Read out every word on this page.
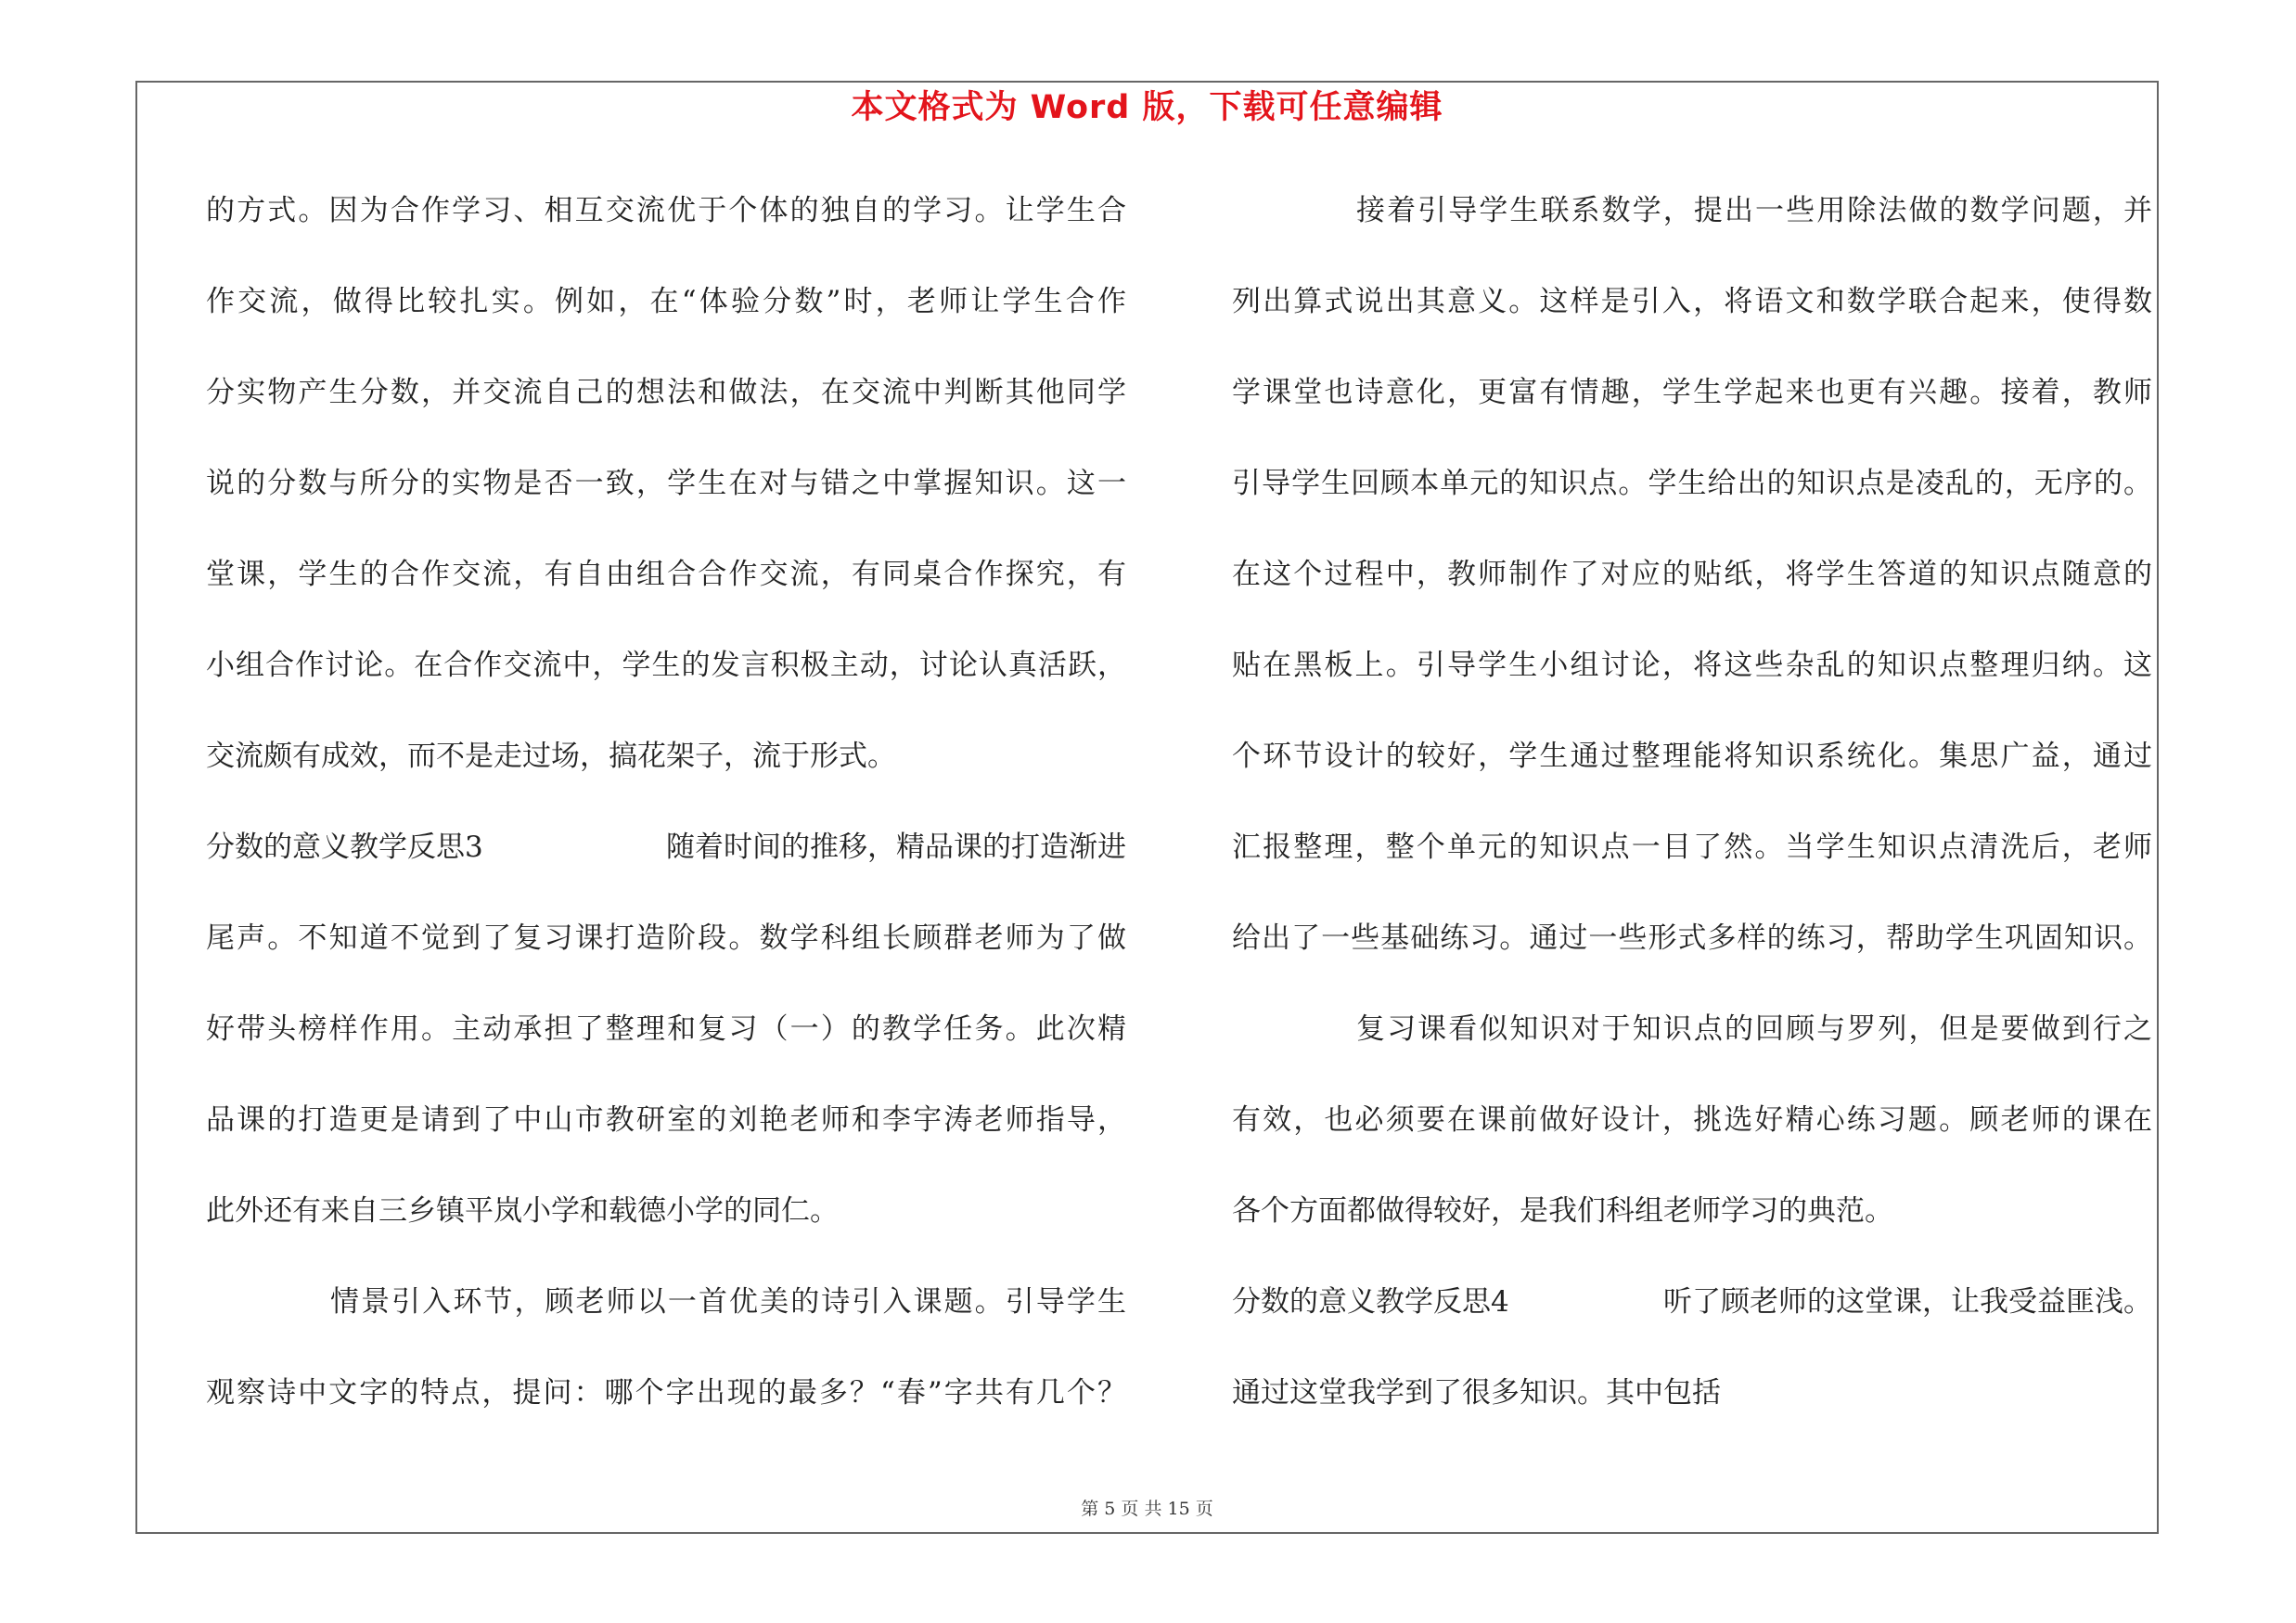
本文格式为 Word 版，下载可任意编辑
的方式。因为合作学习、相互交流优于个体的独自的学习。让学生合
作交流，做得比较扎实。例如，在“体验分数”时，老师让学生合作
分实物产生分数，并交流自己的想法和做法，在交流中判断其他同学
说的分数与所分的实物是否一致，学生在对与错之中掌握知识。这一
堂课，学生的合作交流，有自由组合合作交流，有同桌合作探究，有
小组合作讨论。在合作交流中，学生的发言积极主动，讨论认真活跃，
交流颇有成效，而不是走过场，搞花架子，流于形式。
分数的意义教学反思3	随着时间的推移，精品课的打造渐进
尾声。不知道不觉到了复习课打造阶段。数学科组长顾群老师为了做
好带头榜样作用。主动承担了整理和复习（一）的教学任务。此次精
品课的打造更是请到了中山市教研室的刘艳老师和李宇涛老师指导，
此外还有来自三乡镇平岚小学和载德小学的同仁。
情景引入环节，顾老师以一首优美的诗引入课题。引导学生
观察诗中文字的特点，提问：哪个字出现的最多？“春”字共有几个？
接着引导学生联系数学，提出一些用除法做的数学问题，并
列出算式说出其意义。这样是引入，将语文和数学联合起来，使得数
学课堂也诗意化，更富有情趣，学生学起来也更有兴趣。接着，教师
引导学生回顾本单元的知识点。学生给出的知识点是凌乱的，无序的。
在这个过程中，教师制作了对应的贴纸，将学生答道的知识点随意的
贴在黑板上。引导学生小组讨论，将这些杂乱的知识点整理归纳。这
个环节设计的较好，学生通过整理能将知识系统化。集思广益，通过
汇报整理，整个单元的知识点一目了然。当学生知识点清洗后，老师
给出了一些基础练习。通过一些形式多样的练习，帮助学生巩固知识。
复习课看似知识对于知识点的回顾与罗列，但是要做到行之
有效，也必须要在课前做好设计，挑选好精心练习题。顾老师的课在
各个方面都做得较好，是我们科组老师学习的典范。
分数的意义教学反思4	听了顾老师的这堂课，让我受益匪浅。
通过这堂我学到了很多知识。其中包括
第 5 页 共 15 页
